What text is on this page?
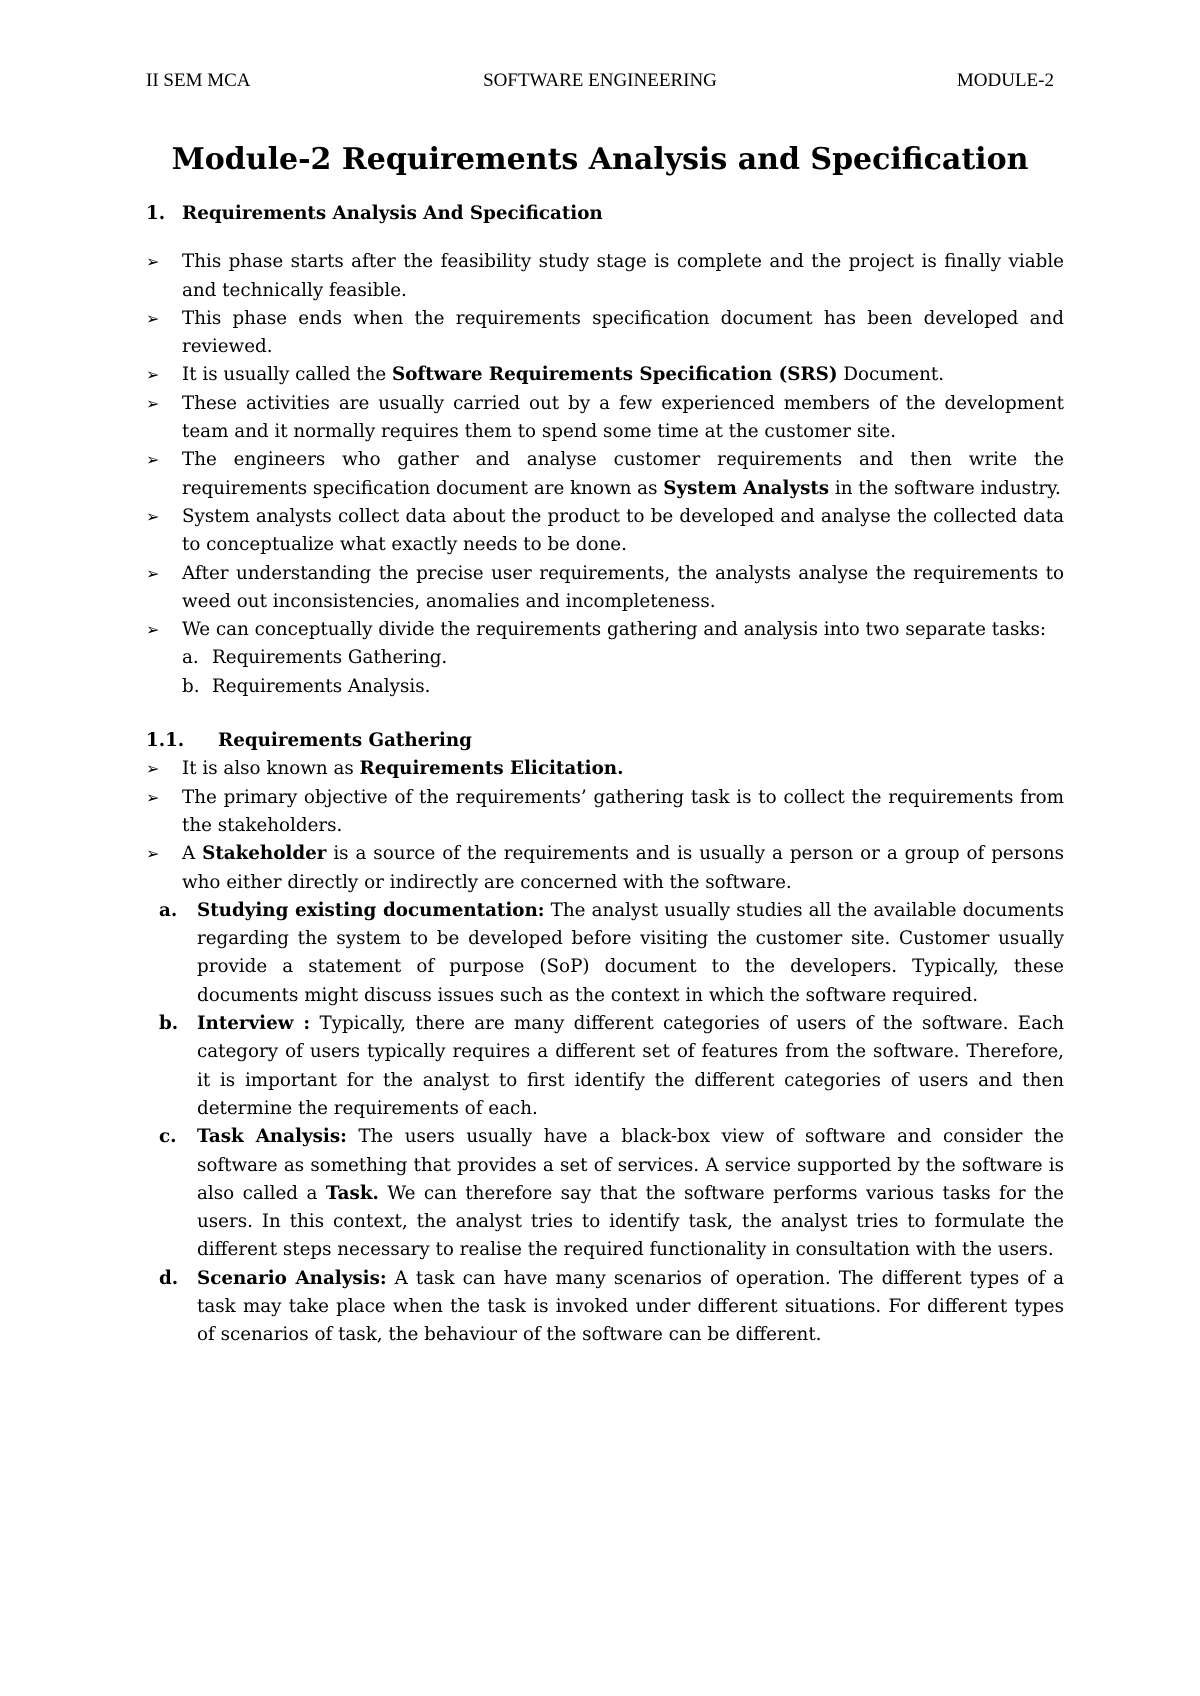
II SEM MCA	SOFTWARE ENGINEERING	MODULE-2
Module-2 Requirements Analysis and Specification
1. Requirements Analysis And Specification
➢ This phase starts after the feasibility study stage is complete and the project is finally viable and technically feasible.
➢ This phase ends when the requirements specification document has been developed and reviewed.
➢ It is usually called the Software Requirements Specification (SRS) Document.
➢ These activities are usually carried out by a few experienced members of the development team and it normally requires them to spend some time at the customer site.
➢ The engineers who gather and analyse customer requirements and then write the requirements specification document are known as System Analysts in the software industry.
➢ System analysts collect data about the product to be developed and analyse the collected data to conceptualize what exactly needs to be done.
➢ After understanding the precise user requirements, the analysts analyse the requirements to weed out inconsistencies, anomalies and incompleteness.
➢ We can conceptually divide the requirements gathering and analysis into two separate tasks:
a. Requirements Gathering.
b. Requirements Analysis.
1.1. Requirements Gathering
➢ It is also known as Requirements Elicitation.
➢ The primary objective of the requirements’ gathering task is to collect the requirements from the stakeholders.
➢ A Stakeholder is a source of the requirements and is usually a person or a group of persons who either directly or indirectly are concerned with the software.
a. Studying existing documentation: The analyst usually studies all the available documents regarding the system to be developed before visiting the customer site. Customer usually provide a statement of purpose (SoP) document to the developers. Typically, these documents might discuss issues such as the context in which the software required.
b. Interview : Typically, there are many different categories of users of the software. Each category of users typically requires a different set of features from the software. Therefore, it is important for the analyst to first identify the different categories of users and then determine the requirements of each.
c. Task Analysis: The users usually have a black-box view of software and consider the software as something that provides a set of services. A service supported by the software is also called a Task. We can therefore say that the software performs various tasks for the users. In this context, the analyst tries to identify task, the analyst tries to formulate the different steps necessary to realise the required functionality in consultation with the users.
d. Scenario Analysis: A task can have many scenarios of operation. The different types of a task may take place when the task is invoked under different situations. For different types of scenarios of task, the behaviour of the software can be different.
